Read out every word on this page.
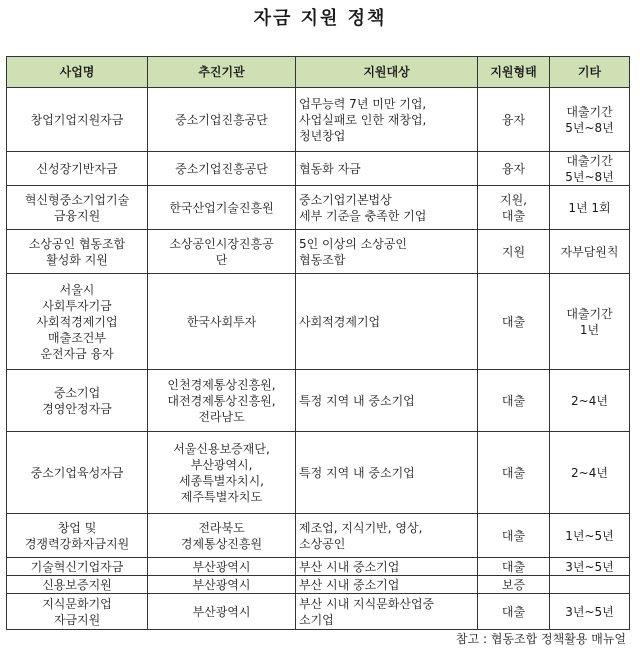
자금 지원 정책
사업명	추진기관	지원대상	지원형태	기타

창업기업지원자금	중소기업진흥공단	업무능력 7년 미만 기업,
사업실패로 인한 재창업,
청년창업	융자	대출기간
5년~8년

신성장기반자금	중소기업진흥공단	협동화 자금	융자	대출기간
5년~8년

혁신형중소기업기술
금융지원	한국산업기술진흥원	중소기업기본법상
세부 기준을 충족한 기업	지원,
대출	1년 1회

소상공인 협동조합
활성화 지원	소상공인시장진흥공
단	5인 이상의 소상공인
협동조합	지원	자부담원칙

서울시
사회투자기금
사회적경제기업
매출조건부
운전자금 융자	한국사회투자	사회적경제기업	대출	대출기간
1년

중소기업
경영안정자금	인천경제통상진흥원,
대전경제통상진흥원,
전라남도	특정 지역 내 중소기업	대출	2~4년

중소기업육성자금	서울신용보증재단,
부산광역시,
세종특별자치시,
제주특별자치도	특정 지역 내 중소기업	대출	2~4년

창업 및
경쟁력강화자금지원	전라북도
경제통상진흥원	제조업, 지식기반, 영상,
소상공인	대출	1년~5년

기술혁신기업자금	부산광역시	부산 시내 중소기업	대출	3년~5년

신용보증지원	부산광역시	부산 시내 중소기업	보증	

지식문화기업
자금지원	부산광역시	부산 시내 지식문화산업중
소기업	대출	3년~5년
참고 : 협동조합 정책활용 매뉴얼
